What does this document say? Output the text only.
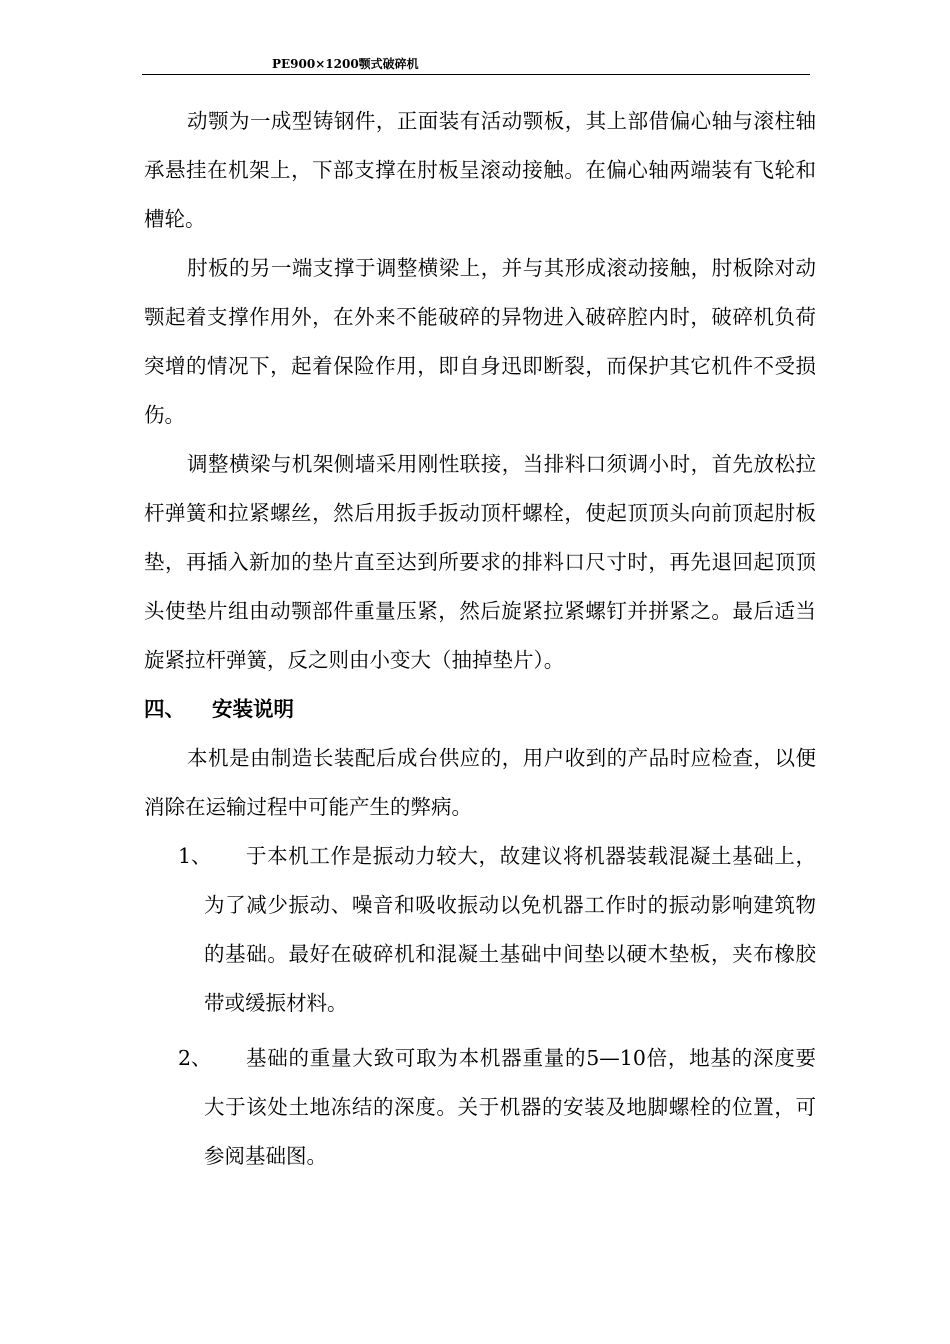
PE900×1200颚式破碎机

动颚为一成型铸钢件，正面装有活动颚板，其上部借偏心轴与滚柱轴承悬挂在机架上，下部支撑在肘板呈滚动接触。在偏心轴两端装有飞轮和槽轮。

肘板的另一端支撑于调整横梁上，并与其形成滚动接触，肘板除对动颚起着支撑作用外，在外来不能破碎的异物进入破碎腔内时，破碎机负荷突增的情况下，起着保险作用，即自身迅即断裂，而保护其它机件不受损伤。

调整横梁与机架侧墙采用刚性联接，当排料口须调小时，首先放松拉杆弹簧和拉紧螺丝，然后用扳手扳动顶杆螺栓，使起顶顶头向前顶起肘板垫，再插入新加的垫片直至达到所要求的排料口尺寸时，再先退回起顶顶头使垫片组由动颚部件重量压紧，然后旋紧拉紧螺钉并拼紧之。最后适当旋紧拉杆弹簧，反之则由小变大（抽掉垫片）。

四、 安装说明

本机是由制造长装配后成台供应的，用户收到的产品时应检查，以便消除在运输过程中可能产生的弊病。

1、	于本机工作是振动力较大，故建议将机器装载混凝土基础上，为了减少振动、噪音和吸收振动以免机器工作时的振动影响建筑物的基础。最好在破碎机和混凝土基础中间垫以硬木垫板，夹布橡胶带或缓振材料。
2、	基础的重量大致可取为本机器重量的5—10倍，地基的深度要大于该处土地冻结的深度。关于机器的安装及地脚螺栓的位置，可参阅基础图。
